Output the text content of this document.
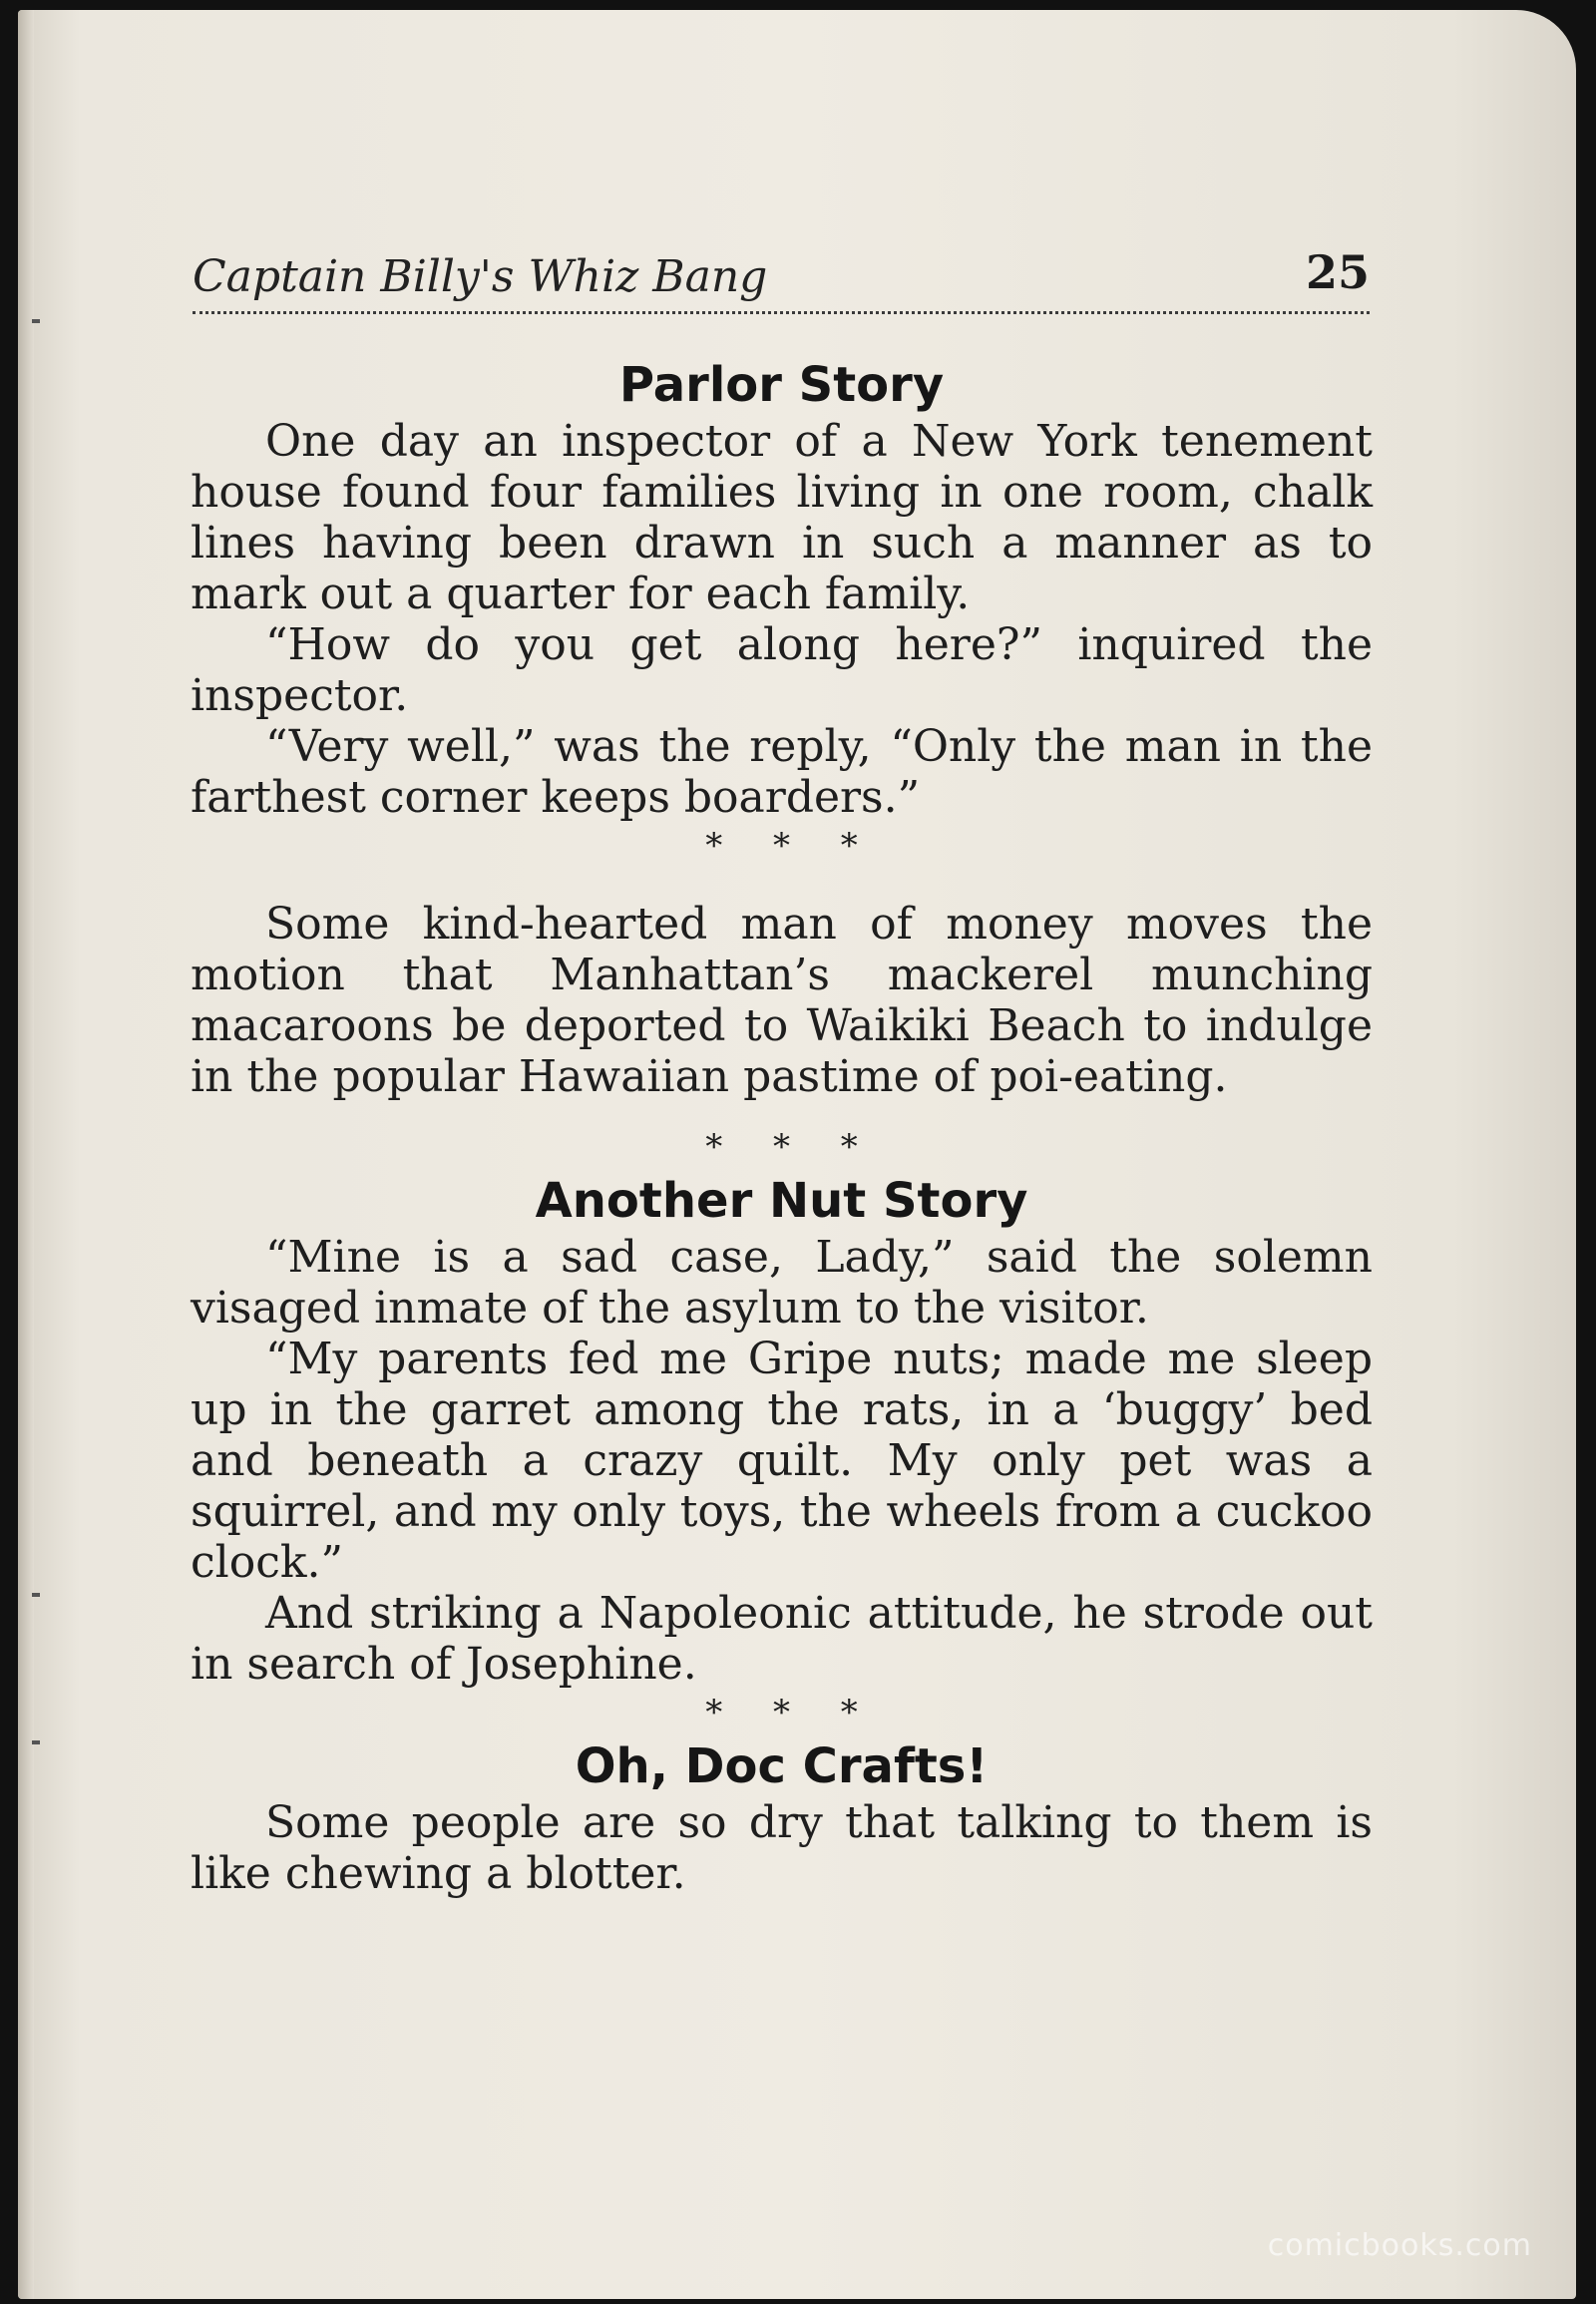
Captain Billy's Whiz Bang	25
Parlor Story

One day an inspector of a New York tenement house found four families living in one room, chalk lines having been drawn in such a manner as to mark out a quarter for each family.

“How do you get along here?” inquired the inspector.

“Very well,” was the reply, “Only the man in the farthest corner keeps boarders.”

* * *

Some kind-hearted man of money moves the motion that Manhattan’s mackerel munching macaroons be deported to Waikiki Beach to indulge in the popular Hawaiian pastime of poi-eating.

* * *

Another Nut Story

“Mine is a sad case, Lady,” said the solemn visaged inmate of the asylum to the visitor.

“My parents fed me Gripe nuts; made me sleep up in the garret among the rats, in a ‘buggy’ bed and beneath a crazy quilt. My only pet was a squirrel, and my only toys, the wheels from a cuckoo clock.”

And striking a Napoleonic attitude, he strode out in search of Josephine.

* * *

Oh, Doc Crafts!

Some people are so dry that talking to them is like chewing a blotter.

comicbooks.com
